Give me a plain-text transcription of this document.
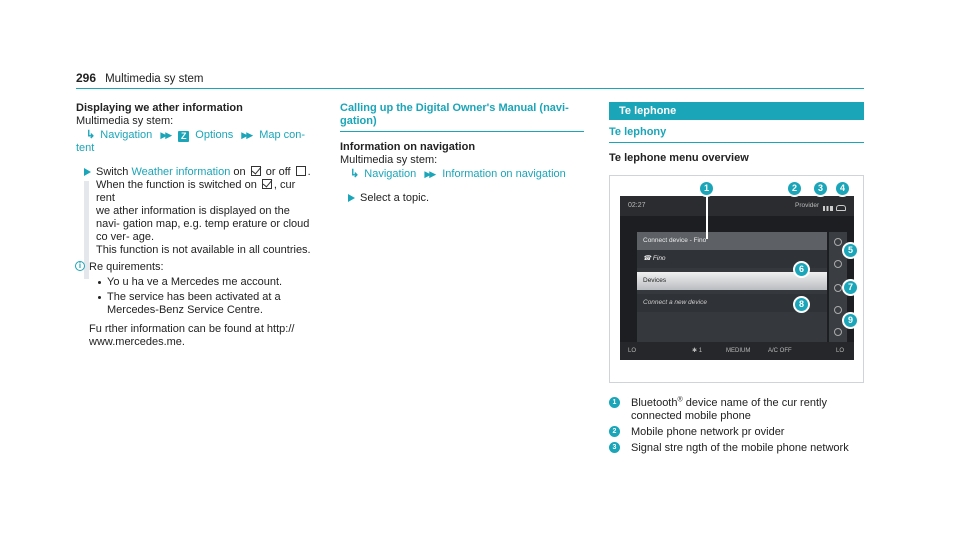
296 Multimedia sy stem
Displaying we ather information
Multimedia sy stem:
↳ Navigation ▶▶ Z Options ▶▶ Map con‐
tent
Switch Weather information on  or off .
When the function is switched on , cur rent
we ather information is displayed on the navi‐ gation map, e.g. temp erature or cloud co ver‐ age.
This function is not available in all countries.
i Re quirements:
Yo u ha ve a Mercedes me account.
The service has been activated at a Mercedes-Benz Service Centre.
Fu rther information can be found at http:// www.mercedes.me.
Calling up the Digital Owner's Manual (navi‐ gation)
Information on navigation
Multimedia sy stem:
↳ Navigation ▶▶ Information on navigation
Select a topic.
Te lephone
Te lephony
Te lephone menu overview
02:27	Provider
Connect device - Fino
☎ Fino
Devices
Connect a new device
LO	✱ 1	MEDIUM	A/C OFF	LO
1	2	3	4
5
6
7
8
9
1	Bluetooth® device name of the cur rently connected mobile phone
2	Mobile phone network pr ovider
3	Signal stre ngth of the mobile phone network
